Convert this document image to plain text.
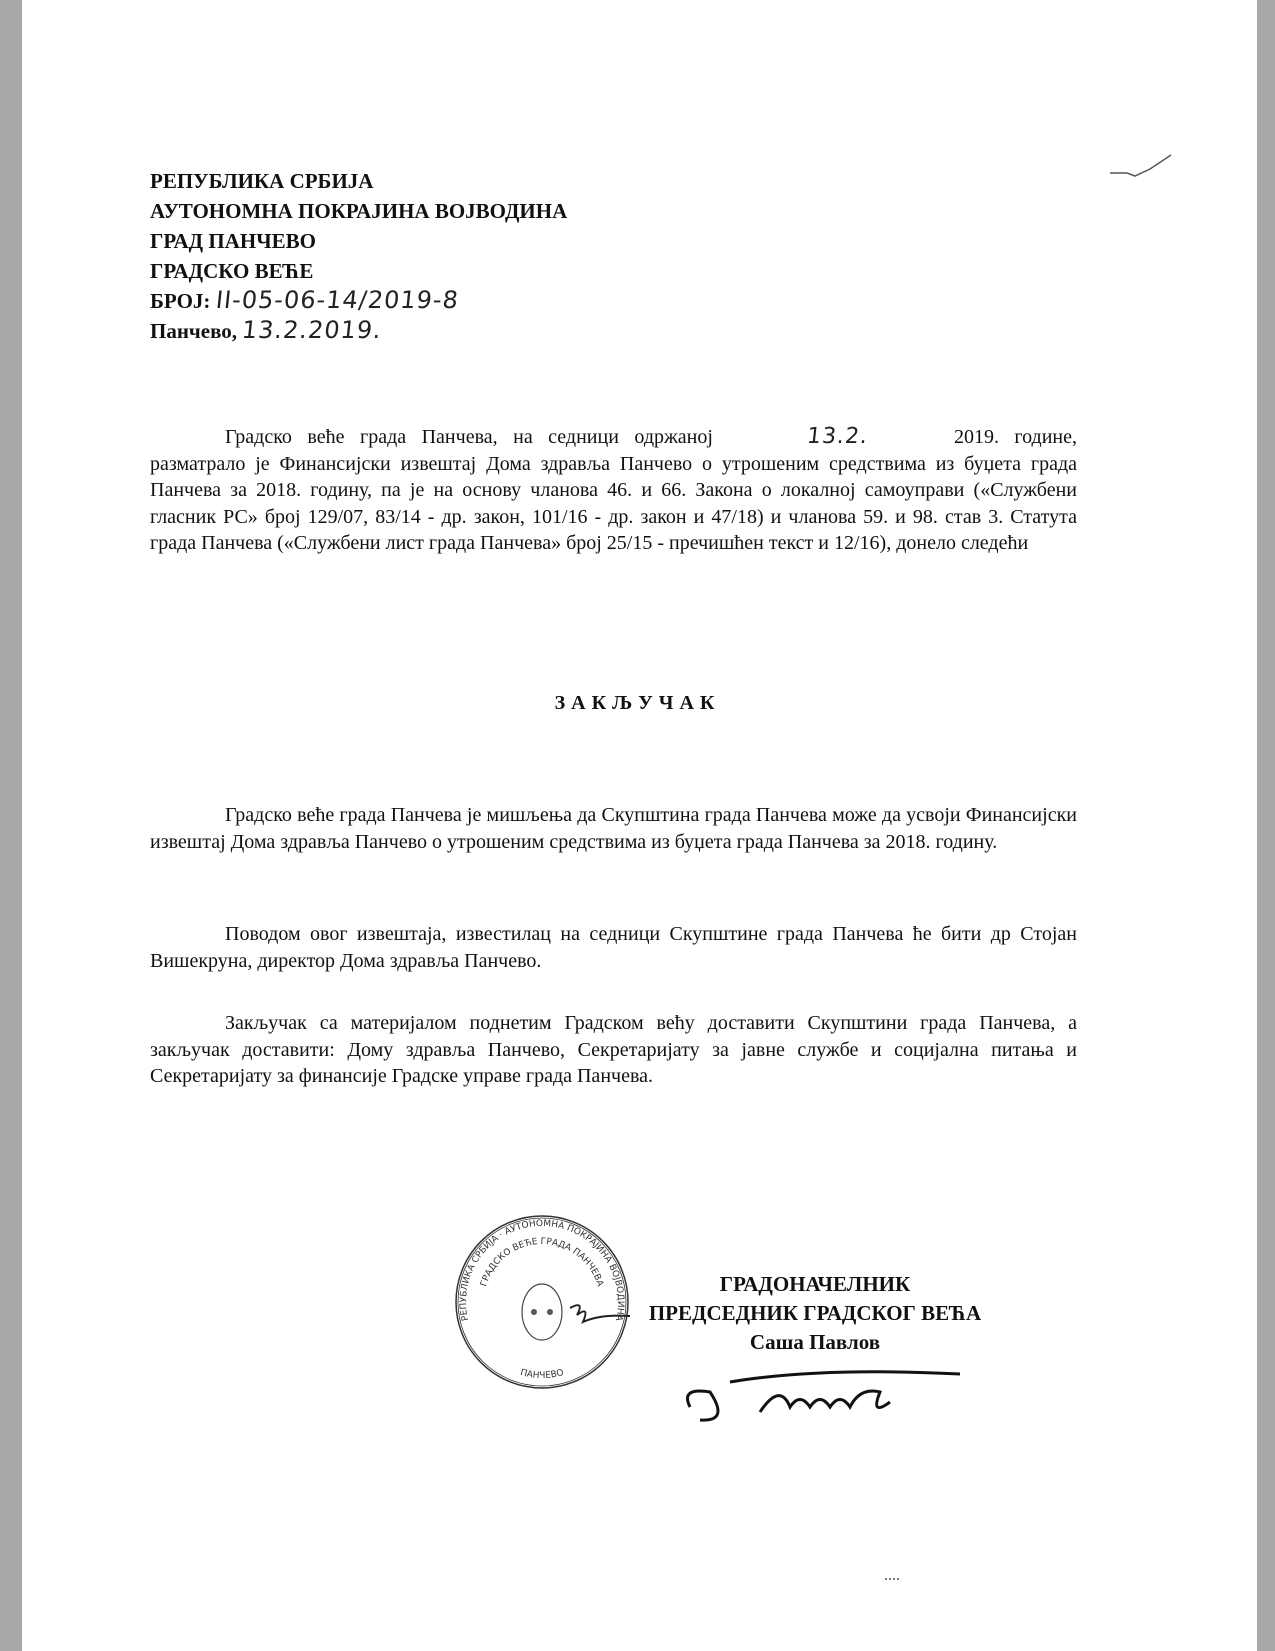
РЕПУБЛИКА СРБИЈА
АУТОНОМНА ПОКРАЈИНА ВОЈВОДИНА
ГРАД ПАНЧЕВО
ГРАДСКО ВЕЋЕ
БРОЈ: II-05-06-14/2019-8
Панчево, 13.2.2019.
Градско веће града Панчева, на седници одржаној	13.2.	2019. године, разматрало је Финансијски извештај Дома здравља Панчево о утрошеним средствима из буџета града Панчева за 2018. годину, па је на основу чланова 46. и 66. Закона о локалној самоуправи («Службени гласник РС» број 129/07, 83/14 - др. закон, 101/16 - др. закон и 47/18) и чланова 59. и 98. став 3. Статута града Панчева («Службени лист града Панчева» број 25/15 - пречишћен текст и 12/16), донело следећи
ЗАКЉУЧАК
Градско веће града Панчева је мишљења да Скупштина града Панчева може да усвоји Финансијски извештај Дома здравља Панчево о утрошеним средствима из буџета града Панчева за 2018. годину.
Поводом овог извештаја, известилац на седници Скупштине града Панчева ће бити др Стојан Вишекруна, директор Дома здравља Панчево.
Закључак са материјалом поднетим Градском већу доставити Скупштини града Панчева, а закључак доставити: Дому здравља Панчево, Секретаријату за јавне службе и социјална питања и Секретаријату за финансије Градске управе града Панчева.
РЕПУБЛИКА СРБИЈА · АУТОНОМНА ПОКРАЈИНА ВОЈВОДИНА
ГРАДСКО ВЕЋЕ ГРАДА ПАНЧЕВА
ПАНЧЕВО
ГРАДОНАЧЕЛНИК
ПРЕДСЕДНИК ГРАДСКОГ ВЕЋА
Саша Павлов
